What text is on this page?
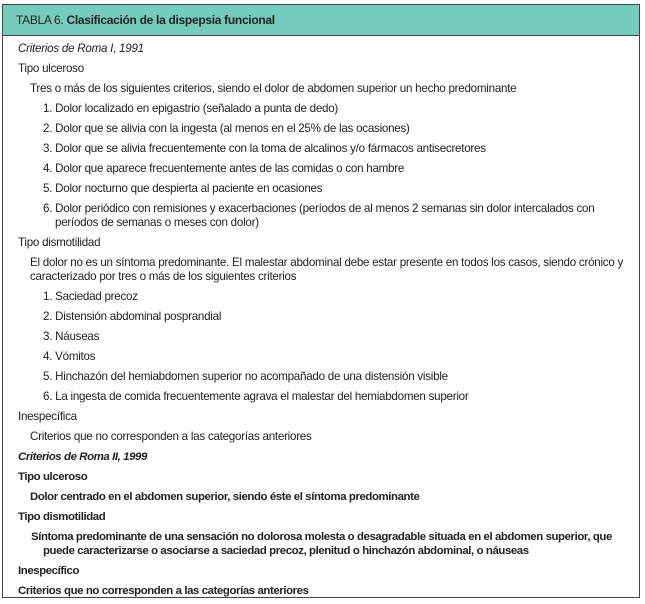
TABLA 6. Clasificación de la dispepsia funcional
Criterios de Roma I, 1991
Tipo ulceroso
Tres o más de los siguientes criterios, siendo el dolor de abdomen superior un hecho predominante
1. Dolor localizado en epigastrio (señalado a punta de dedo)
2. Dolor que se alivia con la ingesta (al menos en el 25% de las ocasiones)
3. Dolor que se alivia frecuentemente con la toma de alcalinos y/o fármacos antisecretores
4. Dolor que aparece frecuentemente antes de las comidas o con hambre
5. Dolor nocturno que despierta al paciente en ocasiones
6. Dolor periódico con remisiones y exacerbaciones (períodos de al menos 2 semanas sin dolor intercalados con períodos de semanas o meses con dolor)
Tipo dismotilidad
El dolor no es un síntoma predominante. El malestar abdominal debe estar presente en todos los casos, siendo crónico y caracterizado por tres o más de los siguientes criterios
1. Saciedad precoz
2. Distensión abdominal posprandial
3. Náuseas
4. Vómitos
5. Hinchazón del hemiabdomen superior no acompañado de una distensión visible
6. La ingesta de comida frecuentemente agrava el malestar del hemiabdomen superior
Inespecífica
Criterios que no corresponden a las categorías anteriores
Criterios de Roma II, 1999
Tipo ulceroso
Dolor centrado en el abdomen superior, siendo éste el síntoma predominante
Tipo dismotilidad
Síntoma predominante de una sensación no dolorosa molesta o desagradable situada en el abdomen superior, que puede caracterizarse o asociarse a saciedad precoz, plenitud o hinchazón abdominal, o náuseas
Inespecífico
Criterios que no corresponden a las categorías anteriores
